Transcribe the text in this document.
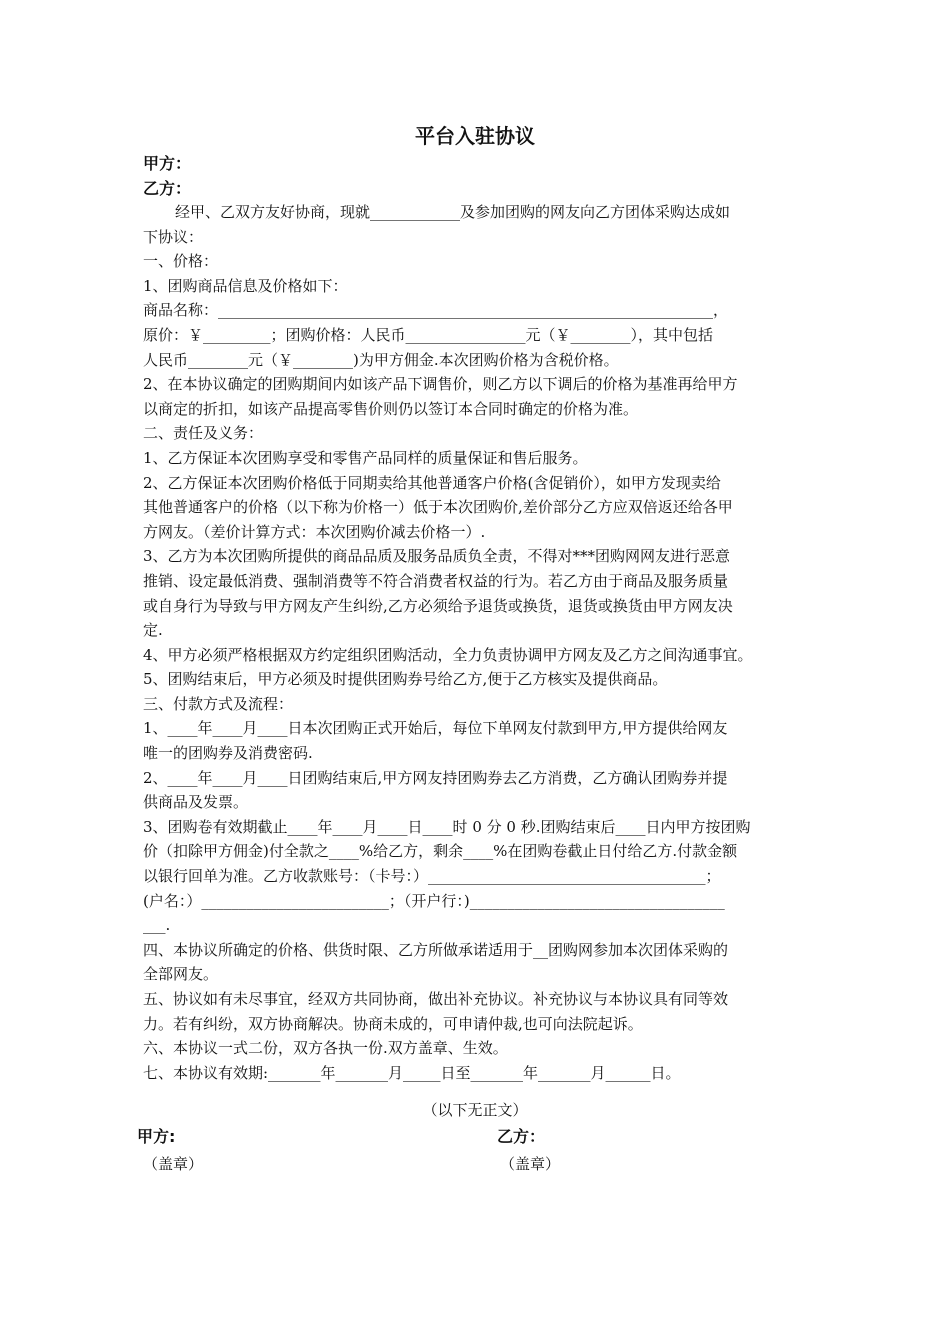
平台入驻协议
甲方：
乙方：
经甲、乙双方友好协商，现就____________及参加团购的网友向乙方团体采购达成如
下协议：
一、价格：
1、团购商品信息及价格如下：
商品名称：__________________________________________________________________，
原价：￥_________；团购价格：人民币________________元（￥________），其中包括
人民币________元（￥________)为甲方佣金.本次团购价格为含税价格。
2、在本协议确定的团购期间内如该产品下调售价，则乙方以下调后的价格为基准再给甲方
以商定的折扣，如该产品提高零售价则仍以签订本合同时确定的价格为准。
二、责任及义务：
1、乙方保证本次团购享受和零售产品同样的质量保证和售后服务。
2、乙方保证本次团购价格低于同期卖给其他普通客户价格(含促销价），如甲方发现卖给
其他普通客户的价格（以下称为价格一）低于本次团购价,差价部分乙方应双倍返还给各甲
方网友。（差价计算方式：本次团购价减去价格一）.
3、乙方为本次团购所提供的商品品质及服务品质负全责，不得对***团购网网友进行恶意
推销、设定最低消费、强制消费等不符合消费者权益的行为。若乙方由于商品及服务质量
或自身行为导致与甲方网友产生纠纷,乙方必须给予退货或换货，退货或换货由甲方网友决
定.
4、甲方必须严格根据双方约定组织团购活动，全力负责协调甲方网友及乙方之间沟通事宜。
5、团购结束后，甲方必须及时提供团购券号给乙方,便于乙方核实及提供商品。
三、付款方式及流程：
1、____年____月____日本次团购正式开始后，每位下单网友付款到甲方,甲方提供给网友
唯一的团购券及消费密码.
2、____年____月____日团购结束后,甲方网友持团购券去乙方消费，乙方确认团购券并提
供商品及发票。
3、团购卷有效期截止____年____月____日____时 0 分 0 秒.团购结束后____日内甲方按团购
价（扣除甲方佣金)付全款之____%给乙方，剩余____%在团购卷截止日付给乙方.付款金额
以银行回单为准。乙方收款账号：（卡号：）_____________________________________；
(户名：）_________________________；（开户行：)__________________________________
___.
四、本协议所确定的价格、供货时限、乙方所做承诺适用于__团购网参加本次团体采购的
全部网友。
五、协议如有未尽事宜，经双方共同协商，做出补充协议。补充协议与本协议具有同等效
力。若有纠纷，双方协商解决。协商未成的，可申请仲裁,也可向法院起诉。
六、本协议一式二份，双方各执一份.双方盖章、生效。
七、本协议有效期:_______年_______月_____日至_______年_______月______日。
（以下无正文）
甲方:	乙方：
（盖章）	（盖章）
